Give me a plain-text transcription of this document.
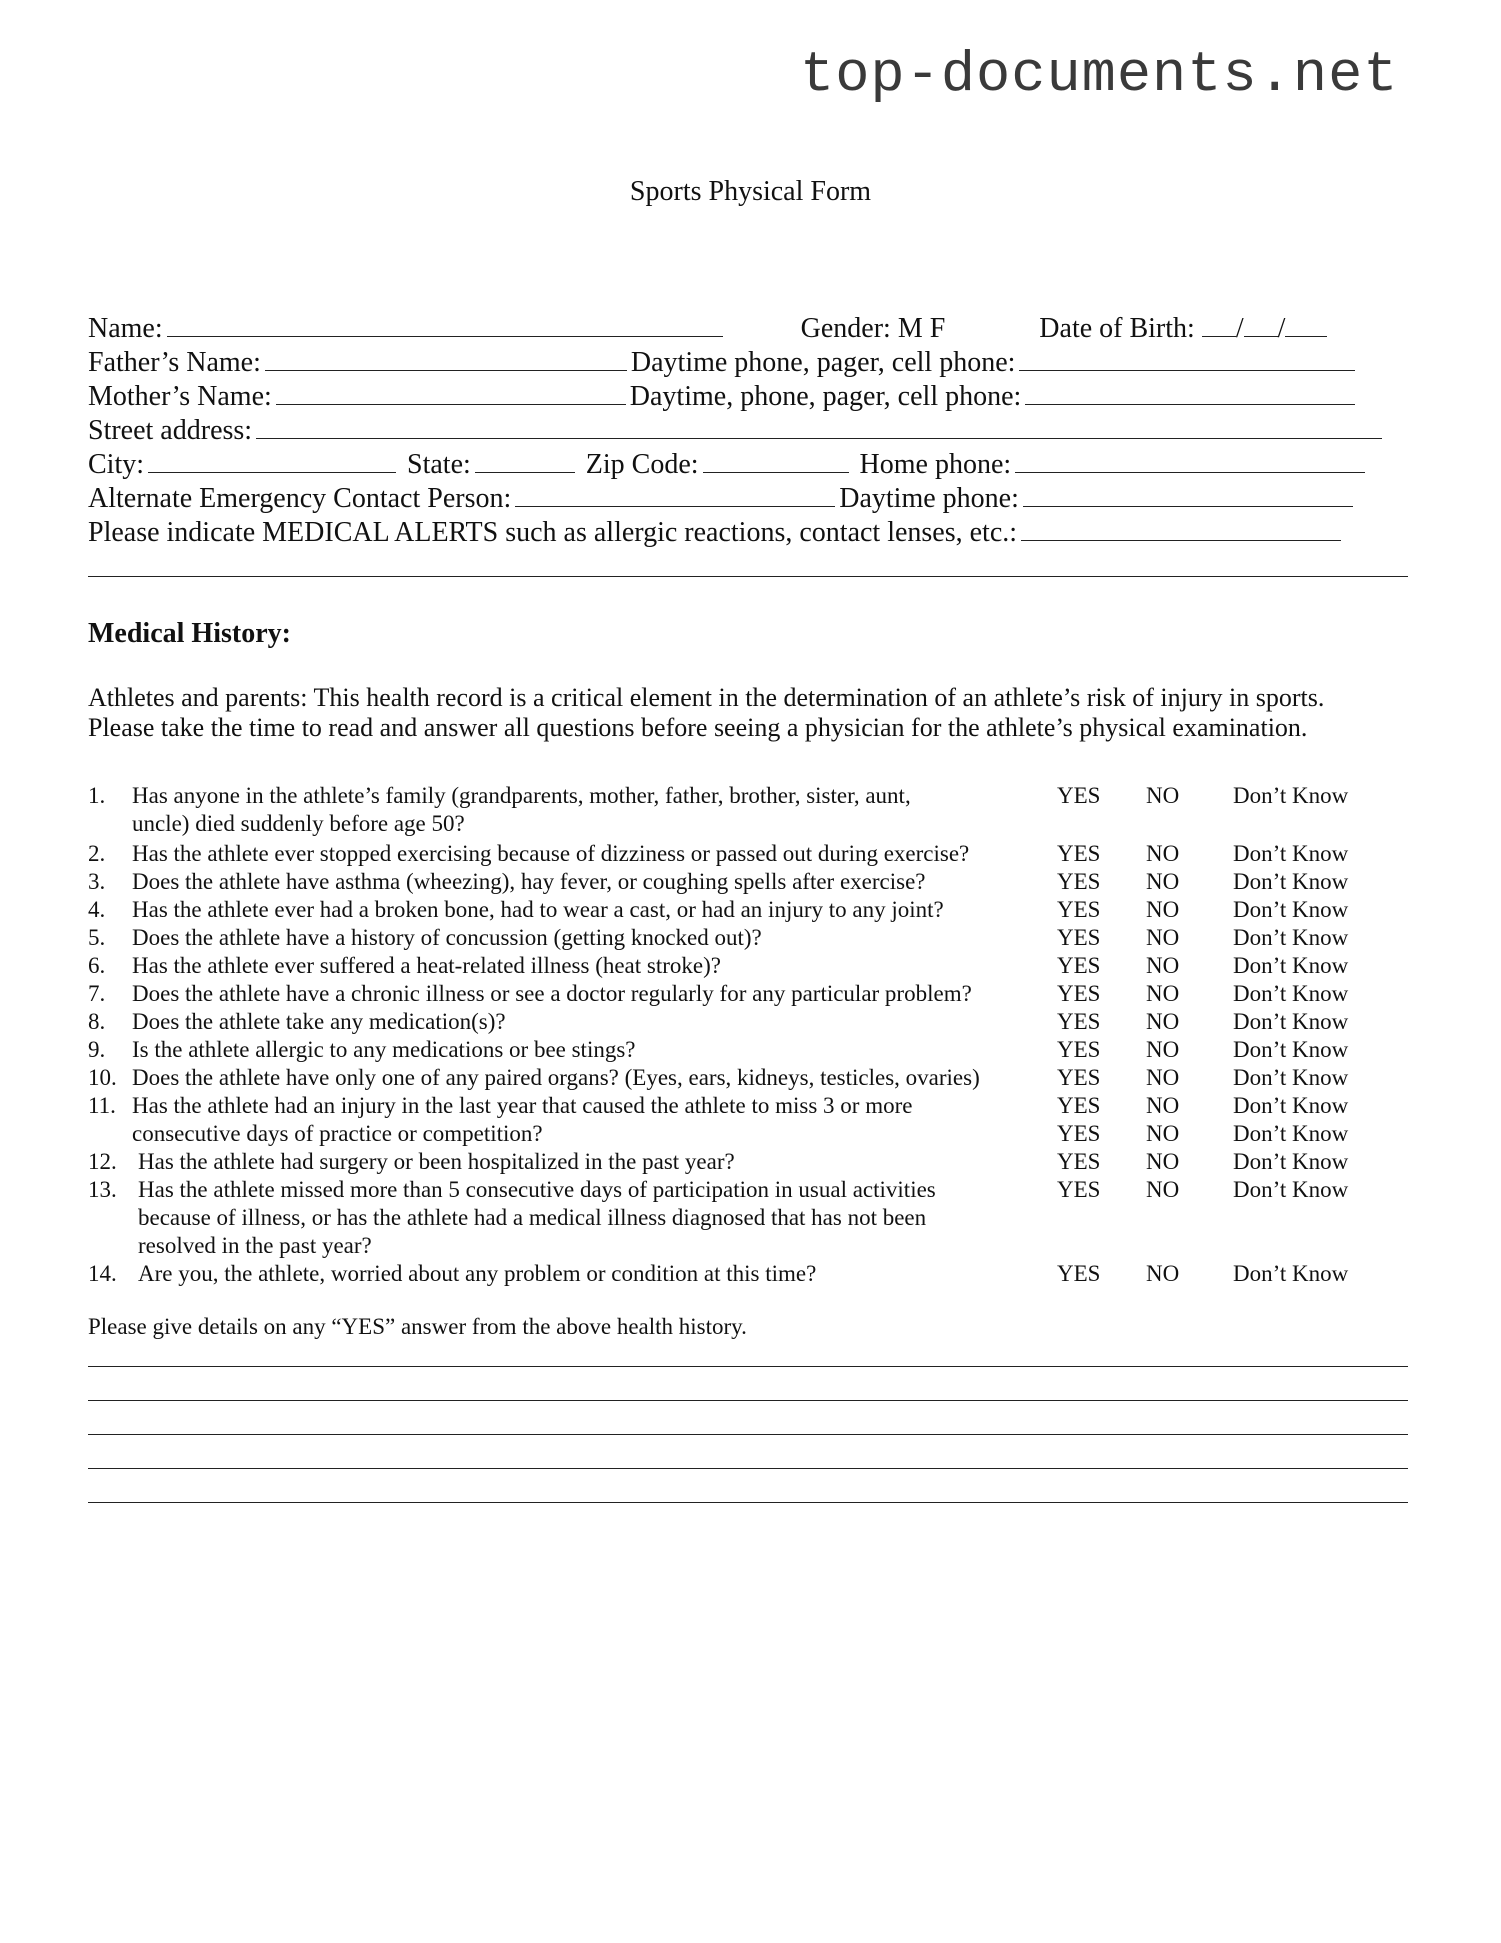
top-documents.net
Sports Physical Form
Name:	Gender: M F	Date of Birth: / /
Father’s Name:	Daytime phone, pager, cell phone:
Mother’s Name:	Daytime, phone, pager, cell phone:
Street address:
City:	State:	Zip Code:	Home phone:
Alternate Emergency Contact Person:	Daytime phone:
Please indicate MEDICAL ALERTS such as allergic reactions, contact lenses, etc.:
Medical History:
Athletes and parents: This health record is a critical element in the determination of an athlete’s risk of injury in sports.
Please take the time to read and answer all questions before seeing a physician for the athlete’s physical examination.
1. Has anyone in the athlete’s family (grandparents, mother, father, brother, sister, aunt,
uncle) died suddenly before age 50?
YES NO Don’t Know
2. Has the athlete ever stopped exercising because of dizziness or passed out during exercise?	YES NO Don’t Know
3. Does the athlete have asthma (wheezing), hay fever, or coughing spells after exercise?	YES NO Don’t Know
4. Has the athlete ever had a broken bone, had to wear a cast, or had an injury to any joint?	YES NO Don’t Know
5. Does the athlete have a history of concussion (getting knocked out)?	YES NO Don’t Know
6. Has the athlete ever suffered a heat-related illness (heat stroke)?	YES NO Don’t Know
7. Does the athlete have a chronic illness or see a doctor regularly for any particular problem?	YES NO Don’t Know
8. Does the athlete take any medication(s)?	YES NO Don’t Know
9. Is the athlete allergic to any medications or bee stings?	YES NO Don’t Know
10. Does the athlete have only one of any paired organs? (Eyes, ears, kidneys, testicles, ovaries)	YES NO Don’t Know
11. Has the athlete had an injury in the last year that caused the athlete to miss 3 or more
consecutive days of practice or competition?
YES NO Don’t Know
YES NO Don’t Know
12. Has the athlete had surgery or been hospitalized in the past year?	YES NO Don’t Know
13. Has the athlete missed more than 5 consecutive days of participation in usual activities
because of illness, or has the athlete had a medical illness diagnosed that has not been
resolved in the past year?
YES NO Don’t Know
14. Are you, the athlete, worried about any problem or condition at this time?	YES NO Don’t Know
Please give details on any “YES” answer from the above health history.
